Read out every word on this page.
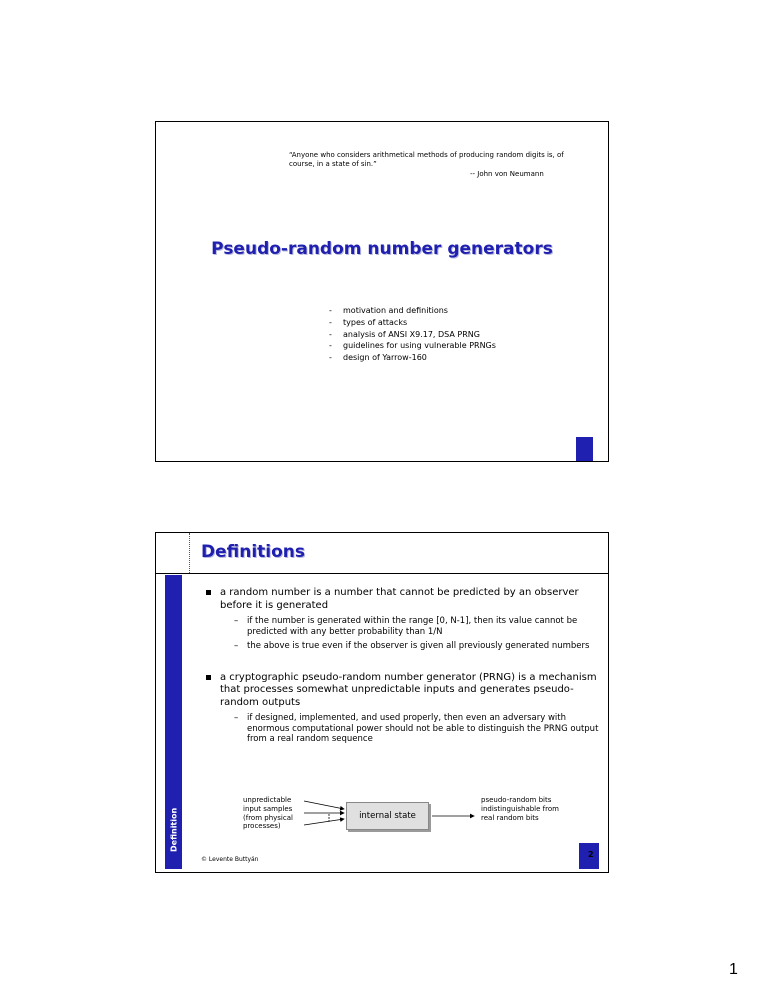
“Anyone who considers arithmetical methods of producing random digits is, of course, in a state of sin.”
-- John von Neumann
Pseudo-random number generators
- motivation and definitions
- types of attacks
- analysis of ANSI X9.17, DSA PRNG
- guidelines for using vulnerable PRNGs
- design of Yarrow-160
Definitions
Definition
a random number is a number that cannot be predicted by an observer before it is generated
– if the number is generated within the range [0, N-1], then its value cannot be predicted with any better probability than 1/N
– the above is true even if the observer is given all previously generated numbers
a cryptographic pseudo-random number generator (PRNG) is a mechanism that processes somewhat unpredictable inputs and generates pseudo-random outputs
– if designed, implemented, and used properly, then even an adversary with enormous computational power should not be able to distinguish the PRNG output from a real random sequence
unpredictable
input samples
(from physical
processes)
internal state
pseudo-random bits
indistinguishable from
real random bits
© Levente Buttyán
2
1
